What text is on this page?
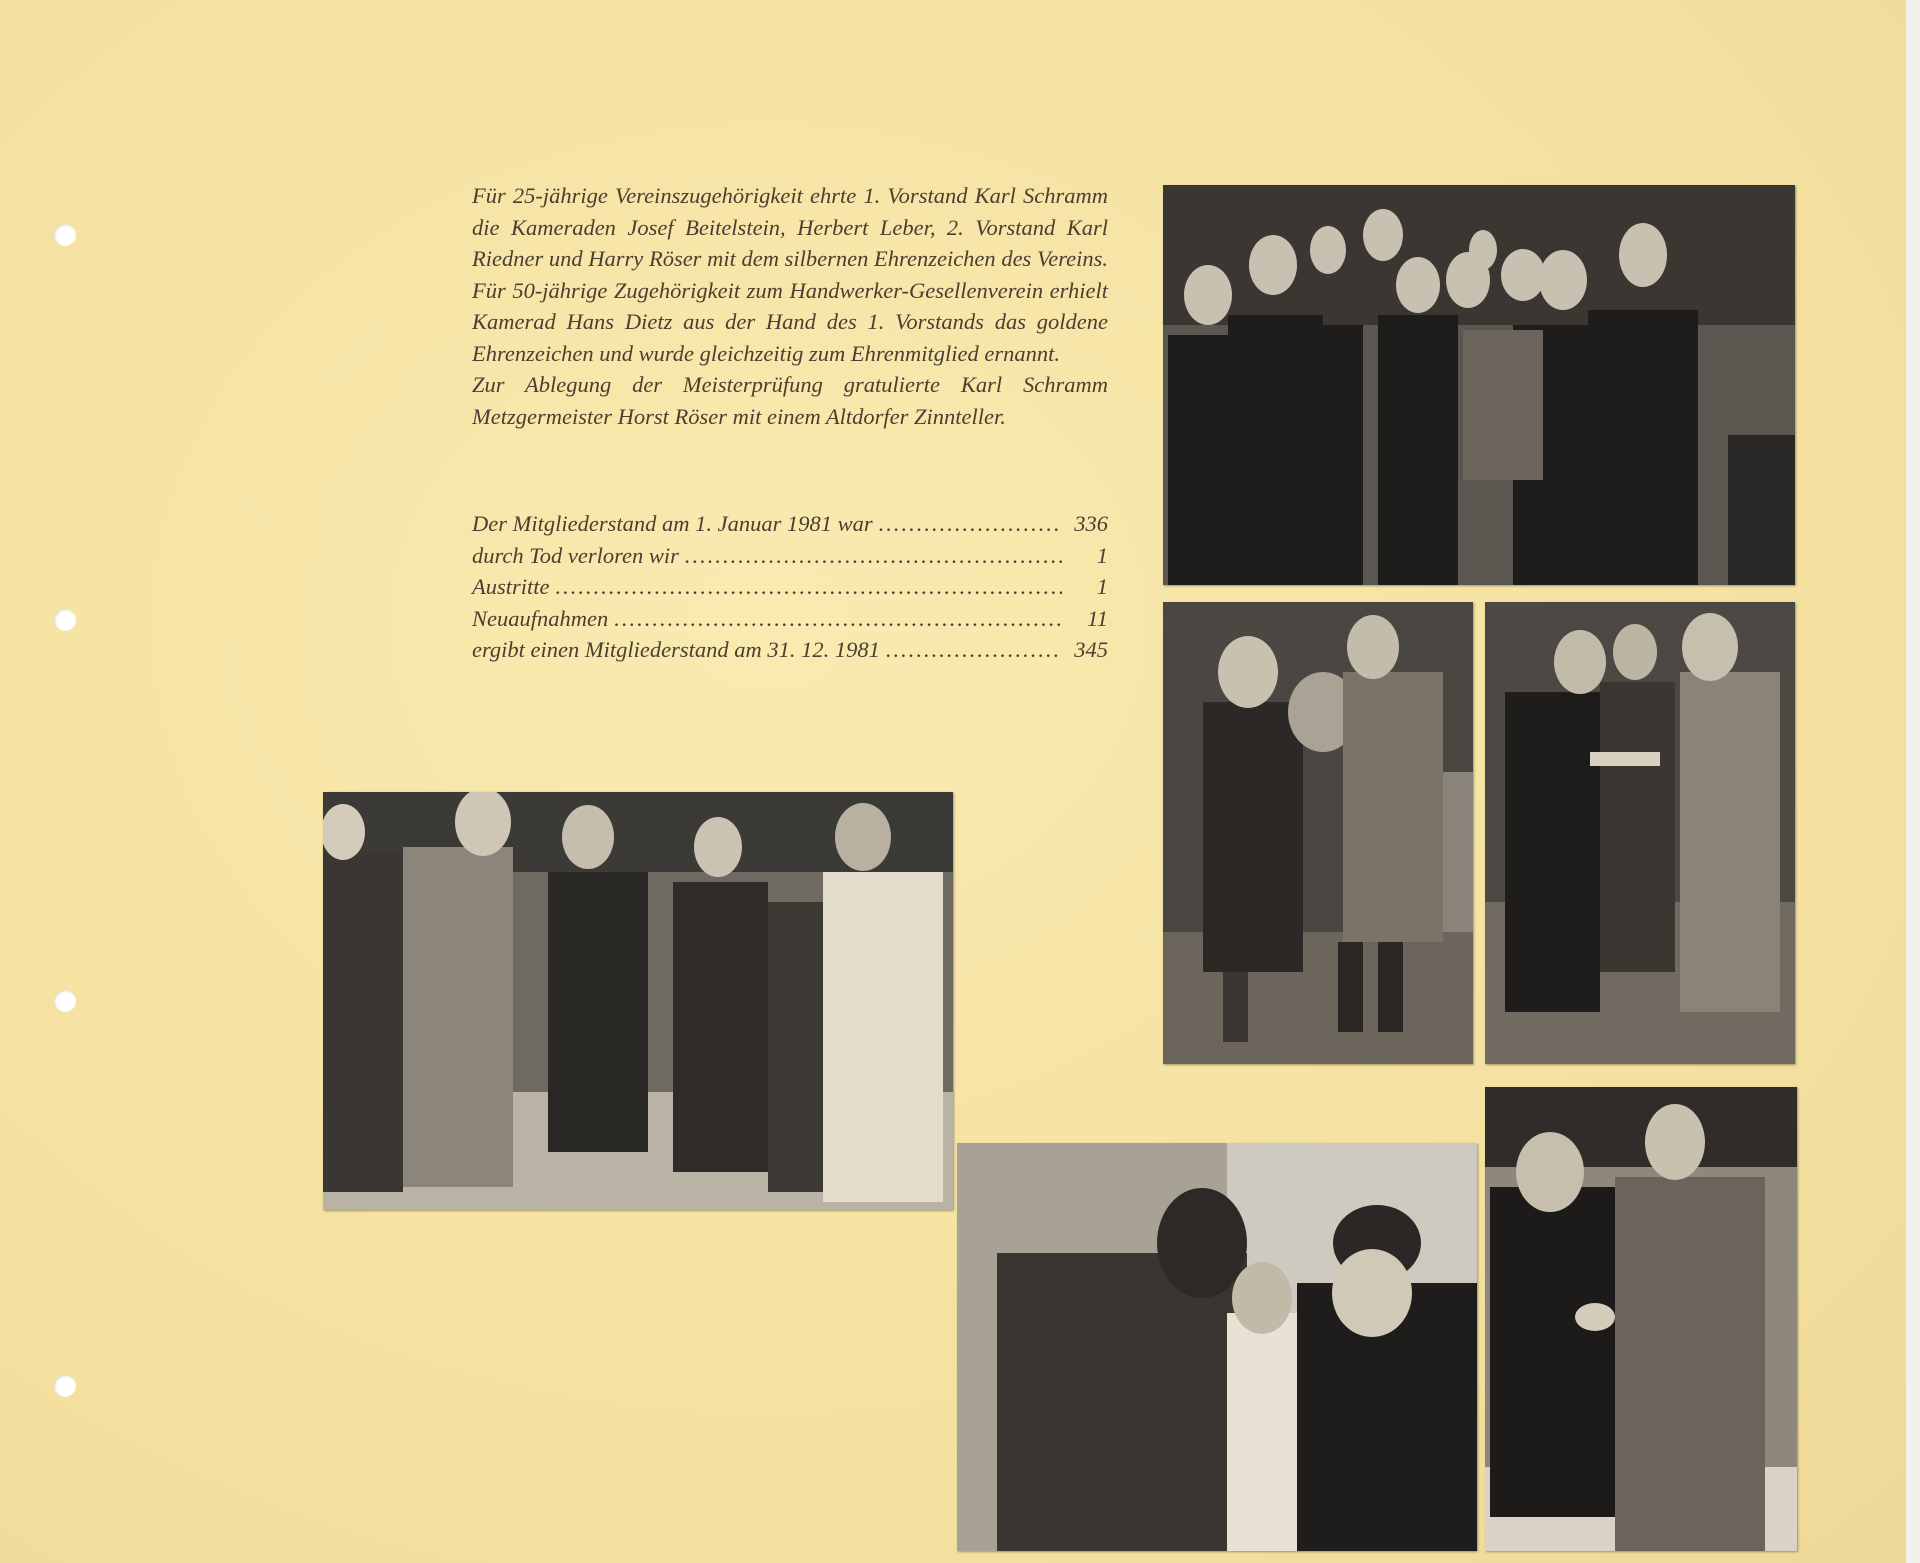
Für 25-jährige Vereinszugehörigkeit ehrte 1. Vorstand Karl Schramm die Kameraden Josef Beitelstein, Herbert Leber, 2. Vorstand Karl Riedner und Harry Röser mit dem silbernen Ehrenzeichen des Vereins. Für 50-jährige Zugehörigkeit zum Handwerker-Gesellenverein erhielt Kamerad Hans Dietz aus der Hand des 1. Vorstands das goldene Ehrenzeichen und wurde gleichzeitig zum Ehrenmitglied ernannt.

Zur Ablegung der Meisterprüfung gratulierte Karl Schramm Metzgermeister Horst Röser mit einem Altdorfer Zinnteller.

Der Mitgliederstand am 1. Januar 1981 war .....	336
durch Tod verloren wir .....	1
Austritte .....	1
Neuaufnahmen .....	11
ergibt einen Mitgliederstand am 31. 12. 1981 .....	345
